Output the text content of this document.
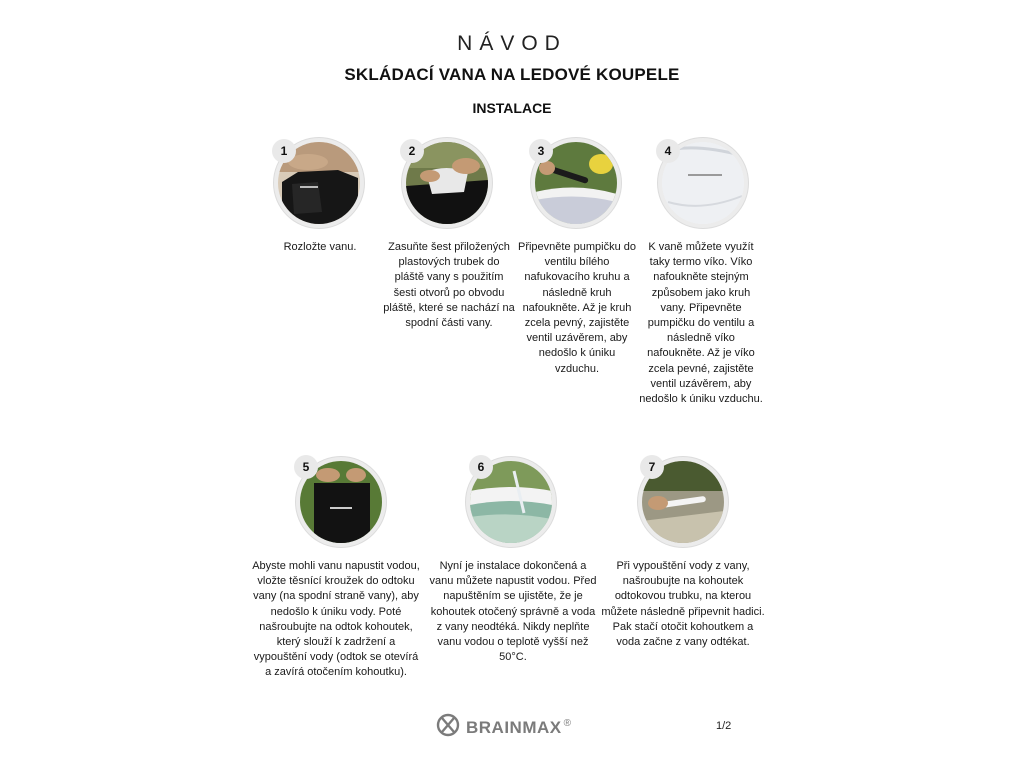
NÁVOD
SKLÁDACÍ VANA NA LEDOVÉ KOUPELE
INSTALACE
1
Rozložte vanu.
2
Zasuňte šest přiložených plastových trubek do pláště vany s použitím šesti otvorů po obvodu pláště, které se nachází na spodní části vany.
3
Připevněte pumpičku do ventilu bílého nafukovacího kruhu a následně kruh nafoukněte. Až je kruh zcela pevný, zajistěte ventil uzávěrem, aby nedošlo k úniku vzduchu.
4
K vaně můžete využít taky termo víko. Víko nafoukněte stejným způsobem jako kruh vany. Připevněte pumpičku do ventilu a následně víko nafoukněte. Až je víko zcela pevné, zajistěte ventil uzávěrem, aby nedošlo k úniku vzduchu.
5
Abyste mohli vanu napustit vodou, vložte těsnící kroužek do odtoku vany (na spodní straně vany), aby nedošlo k úniku vody. Poté našroubujte na odtok kohoutek, který slouží k zadržení a vypouštění vody (odtok se otevírá a zavírá otočením kohoutku).
6
Nyní je instalace dokončená a vanu můžete napustit vodou. Před napuštěním se ujistěte, že je kohoutek otočený správně a voda z vany neodtéká. Nikdy neplňte vanu vodou o teplotě vyšší než 50°C.
7
Při vypouštění vody z vany, našroubujte na kohoutek odtokovou trubku, na kterou můžete následně připevnit hadici. Pak stačí otočit kohoutkem a voda začne z vany odtékat.
BRAINMAX ®	1/2
